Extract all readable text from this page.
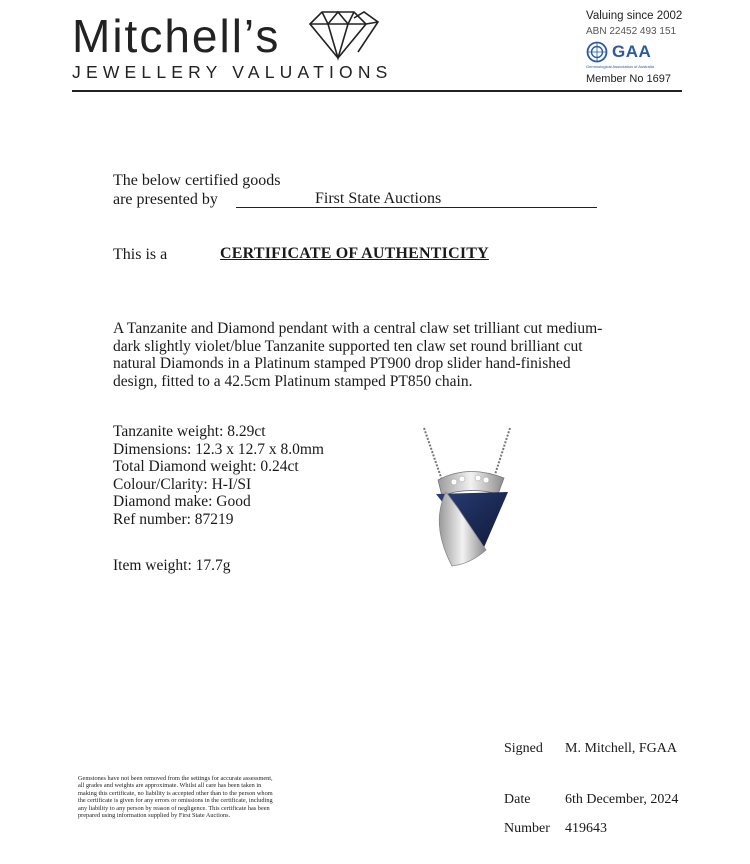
Mitchell’s
JEWELLERY VALUATIONS
Valuing since 2002
ABN 22452 493 151
GAA
Gemmological Association of Australia
Member No 1697
The below certified goods
are presented by	First State Auctions
This is a	CERTIFICATE OF AUTHENTICITY
A Tanzanite and Diamond pendant with a central claw set trilliant cut medium-dark slightly violet/blue Tanzanite supported ten claw set round brilliant cut natural Diamonds in a Platinum stamped PT900 drop slider hand-finished design, fitted to a 42.5cm Platinum stamped PT850 chain.
Tanzanite weight: 8.29ct
Dimensions: 12.3 x 12.7 x 8.0mm
Total Diamond weight: 0.24ct
Colour/Clarity: H-I/SI
Diamond make: Good
Ref number: 87219
Item weight: 17.7g
Signed M. Mitchell, FGAA
Date 6th December, 2024
Number 419643
Gemstones have not been removed from the settings for accurate assessment, all grades and weights are approximate. Whilst all care has been taken in making this certificate, no liability is accepted other than to the person whom the certificate is given for any errors or omissions in the certificate, including any liability to any person by reason of negligence. This certificate has been prepared using information supplied by First State Auctions.
